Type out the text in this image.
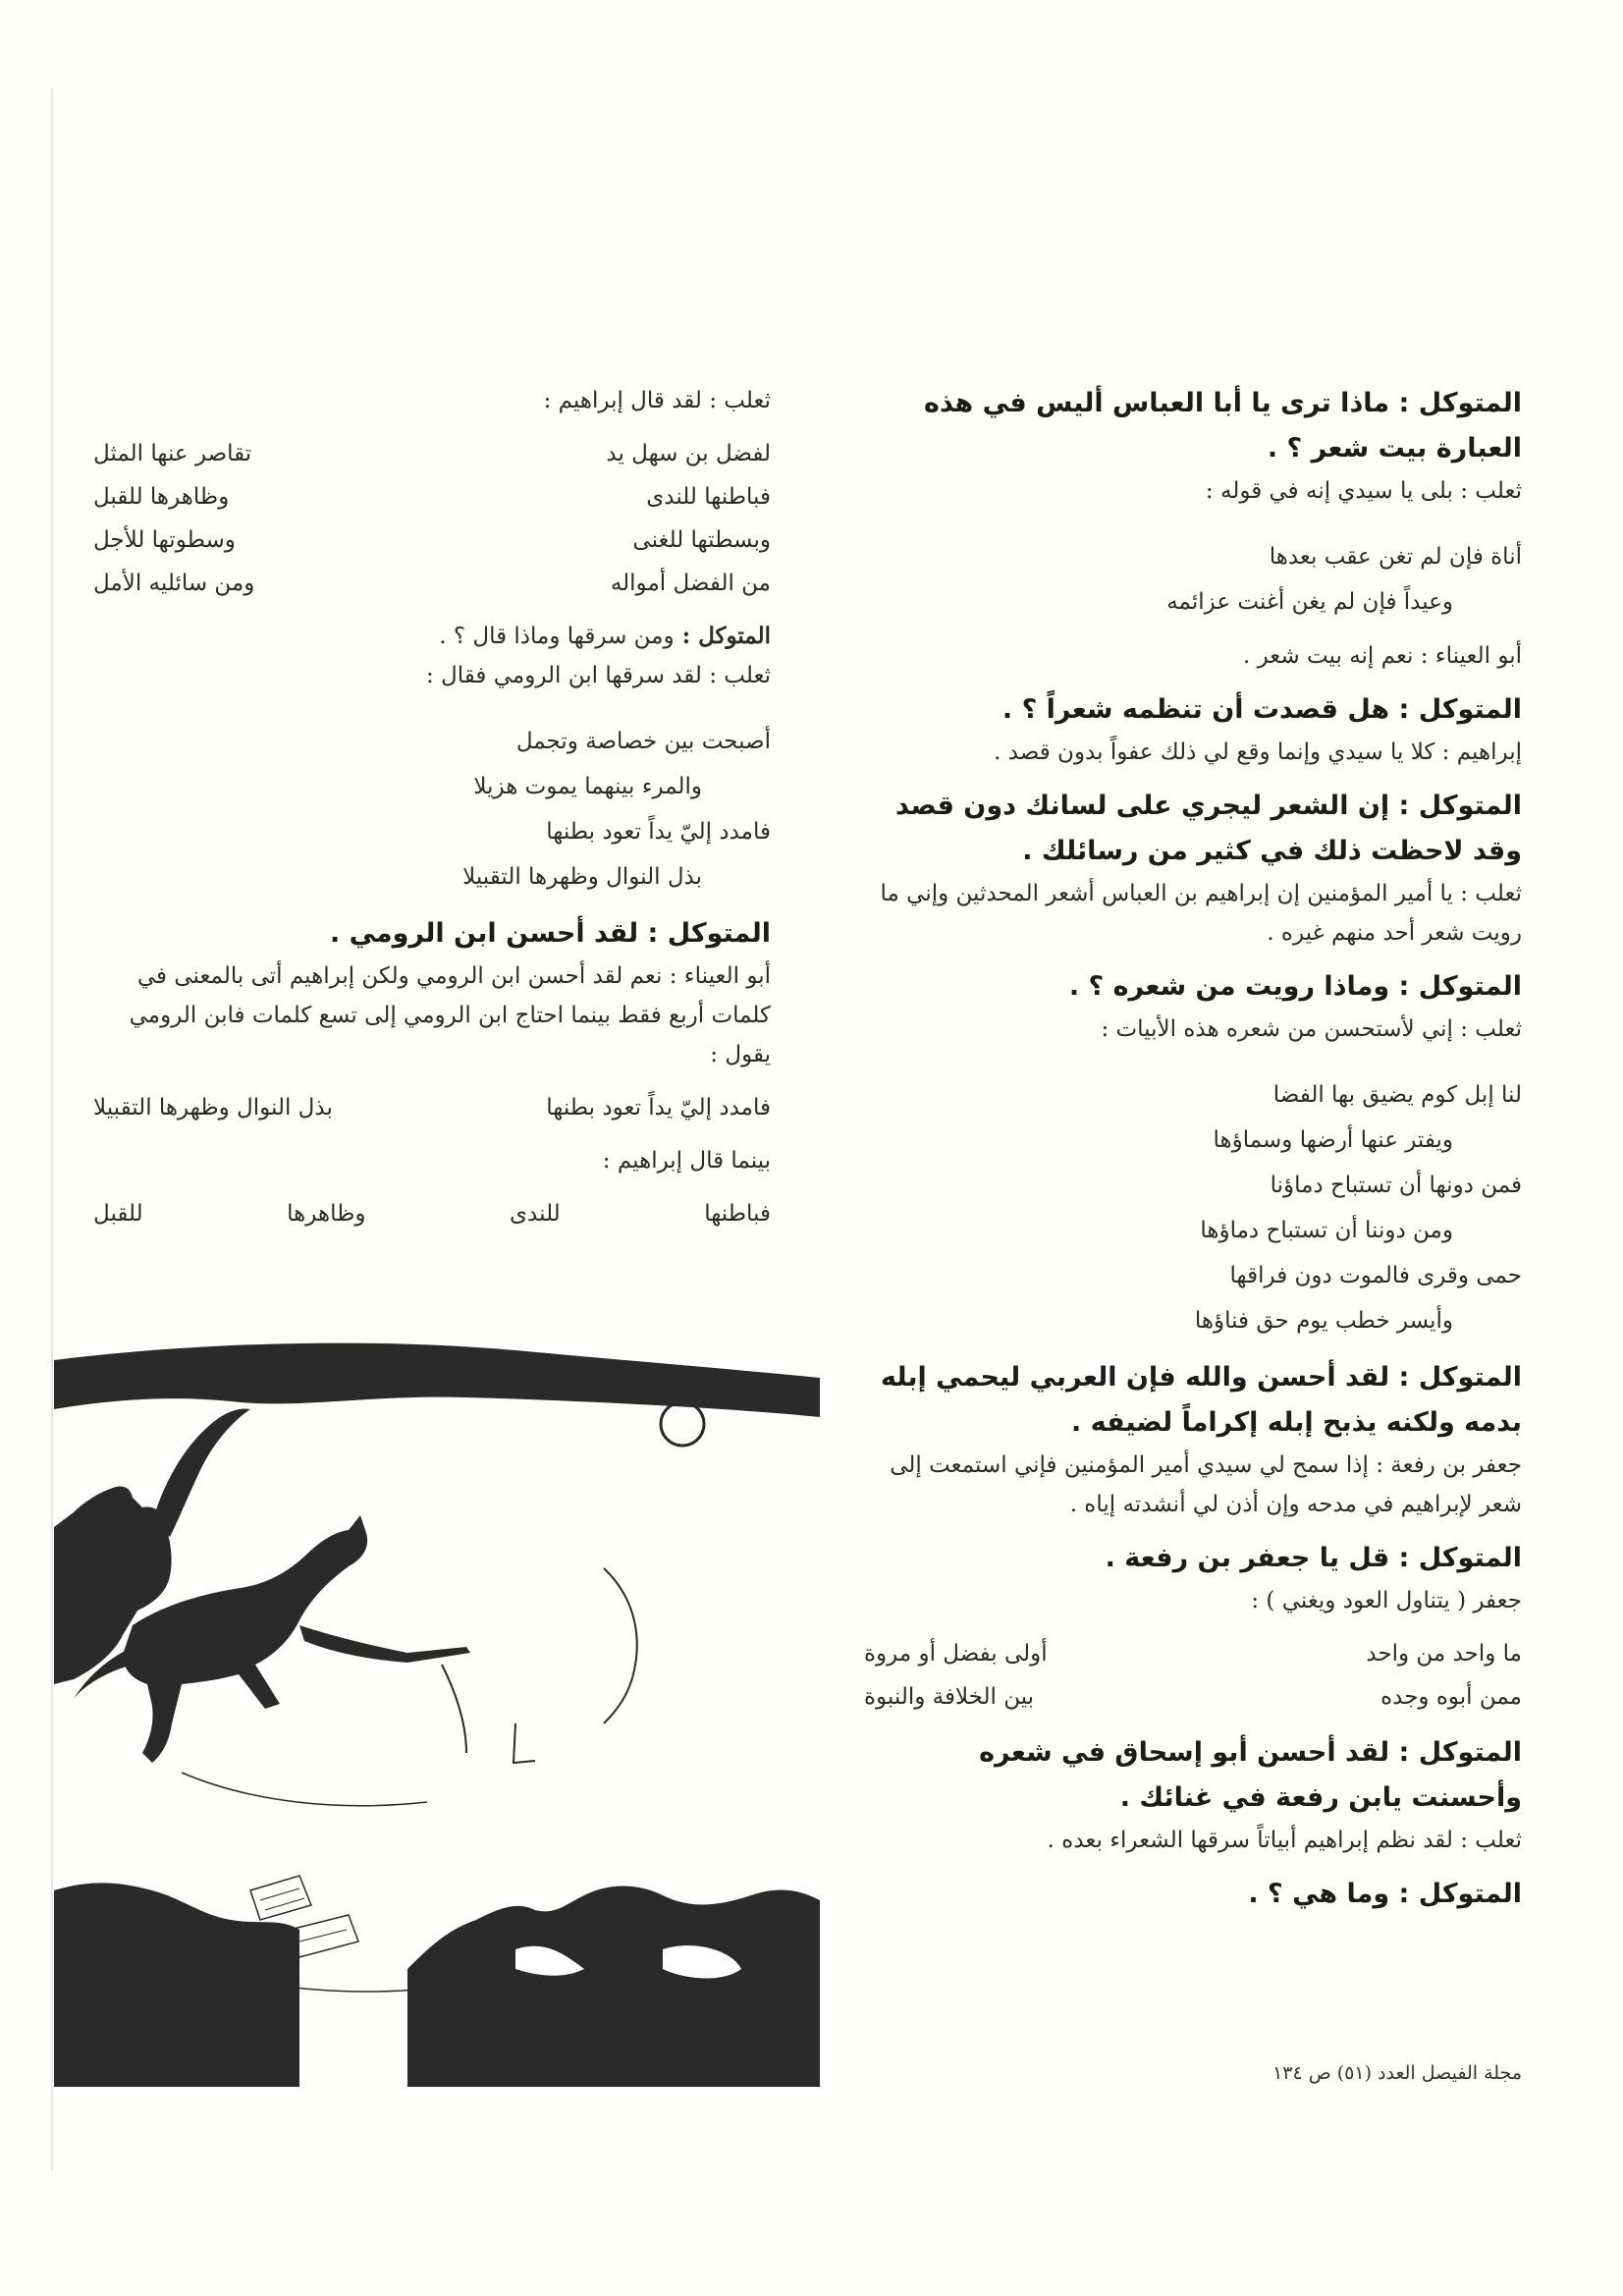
المتوكل : ماذا ترى يا أبا العباس أليس في هذه العبارة بيت شعر ؟ .

ثعلب : بلى يا سيدي إنه في قوله :

أناة فإن لم تغن عقب بعدها

وعيداً فإن لم يغن أغنت عزائمه

أبو العيناء : نعم إنه بيت شعر .

المتوكل : هل قصدت أن تنظمه شعراً ؟ .

إبراهيم : كلا يا سيدي وإنما وقع لي ذلك عفواً بدون قصد .

المتوكل : إن الشعر ليجري على لسانك دون قصد وقد لاحظت ذلك في كثير من رسائلك .

ثعلب : يا أمير المؤمنين إن إبراهيم بن العباس أشعر المحدثين وإني ما رويت شعر أحد منهم غيره .

المتوكل : وماذا رويت من شعره ؟ .

ثعلب : إني لأستحسن من شعره هذه الأبيات :

لنا إبل كوم يضيق بها الفضا

ويفتر عنها أرضها وسماؤها

فمن دونها أن تستباح دماؤنا

ومن دوننا أن تستباح دماؤها

حمى وقرى فالموت دون فراقها

وأيسر خطب يوم حق فناؤها

المتوكل : لقد أحسن والله فإن العربي ليحمي إبله بدمه ولكنه يذبح إبله إكراماً لضيفه .

جعفر بن رفعة : إذا سمح لي سيدي أمير المؤمنين فإني استمعت إلى شعر لإبراهيم في مدحه وإن أذن لي أنشدته إياه .

المتوكل : قل يا جعفر بن رفعة .

جعفر ( يتناول العود ويغني ) :

ما واحد من واحد
أولى بفضل أو مروة
ممن أبوه وجده
بين الخلافة والنبوة

المتوكل : لقد أحسن أبو إسحاق في شعره وأحسنت يابن رفعة في غنائك .

ثعلب : لقد نظم إبراهيم أبياتاً سرقها الشعراء بعده .

المتوكل : وما هي ؟ .

ثعلب : لقد قال إبراهيم :

لفضل بن سهل يد
تقاصر عنها المثل
فباطنها للندى
وظاهرها للقبل
وبسطتها للغنى
وسطوتها للأجل
من الفضل أمواله
ومن سائليه الأمل

المتوكل : ومن سرقها وماذا قال ؟ .

ثعلب : لقد سرقها ابن الرومي فقال :

أصبحت بين خصاصة وتجمل

والمرء بينهما يموت هزيلا

فامدد إليّ يداً تعود بطنها

بذل النوال وظهرها التقبيلا

المتوكل : لقد أحسن ابن الرومي .

أبو العيناء : نعم لقد أحسن ابن الرومي ولكن إبراهيم أتى بالمعنى في كلمات أربع فقط بينما احتاج ابن الرومي إلى تسع كلمات فابن الرومي يقول :

فامدد إليّ يداً تعود بطنها
بذل النوال وظهرها التقبيلا

بينما قال إبراهيم :

فباطنها
للندى
وظاهرها
للقبل
مجلة الفيصل العدد (٥١) ص ١٣٤
